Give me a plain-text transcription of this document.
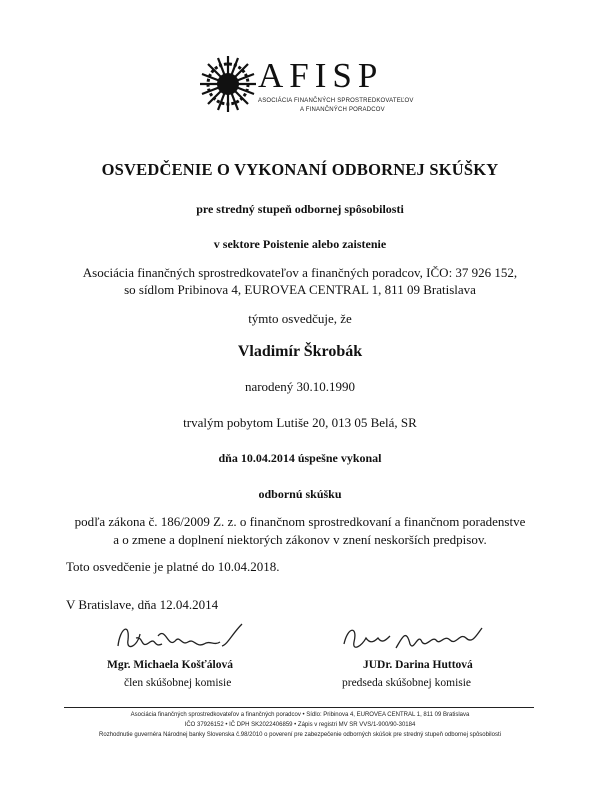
AFISP
ASOCIÁCIA FINANČNÝCH SPROSTREDKOVATEĽOV
A FINANČNÝCH PORADCOV
OSVEDČENIE O VYKONANÍ ODBORNEJ SKÚŠKY
pre stredný stupeň odbornej spôsobilosti
v sektore Poistenie alebo zaistenie
Asociácia finančných sprostredkovateľov a finančných poradcov, IČO: 37 926 152,
so sídlom Pribinova 4, EUROVEA CENTRAL 1, 811 09 Bratislava
týmto osvedčuje, že
Vladimír Škrobák
narodený 30.10.1990
trvalým pobytom Lutiše 20, 013 05 Belá, SR
dňa 10.04.2014 úspešne vykonal
odbornú skúšku
podľa zákona č. 186/2009 Z. z. o finančnom sprostredkovaní a finančnom poradenstve
a o zmene a doplnení niektorých zákonov v znení neskorších predpisov.
Toto osvedčenie je platné do 10.04.2018.
V Bratislave, dňa 12.04.2014
Mgr. Michaela Košťálová
člen skúšobnej komisie
JUDr. Darina Huttová
predseda skúšobnej komisie
Asociácia finančných sprostredkovateľov a finančných poradcov • Sídlo: Pribinova 4, EUROVEA CENTRAL 1, 811 09 Bratislava
IČO 37926152 • IČ DPH SK2022406859 • Zápis v registri MV SR VVS/1-900/90-30184
Rozhodnutie guvernéra Národnej banky Slovenska č.98/2010 o poverení pre zabezpečenie odborných skúšok pre stredný stupeň odbornej spôsobilosti
